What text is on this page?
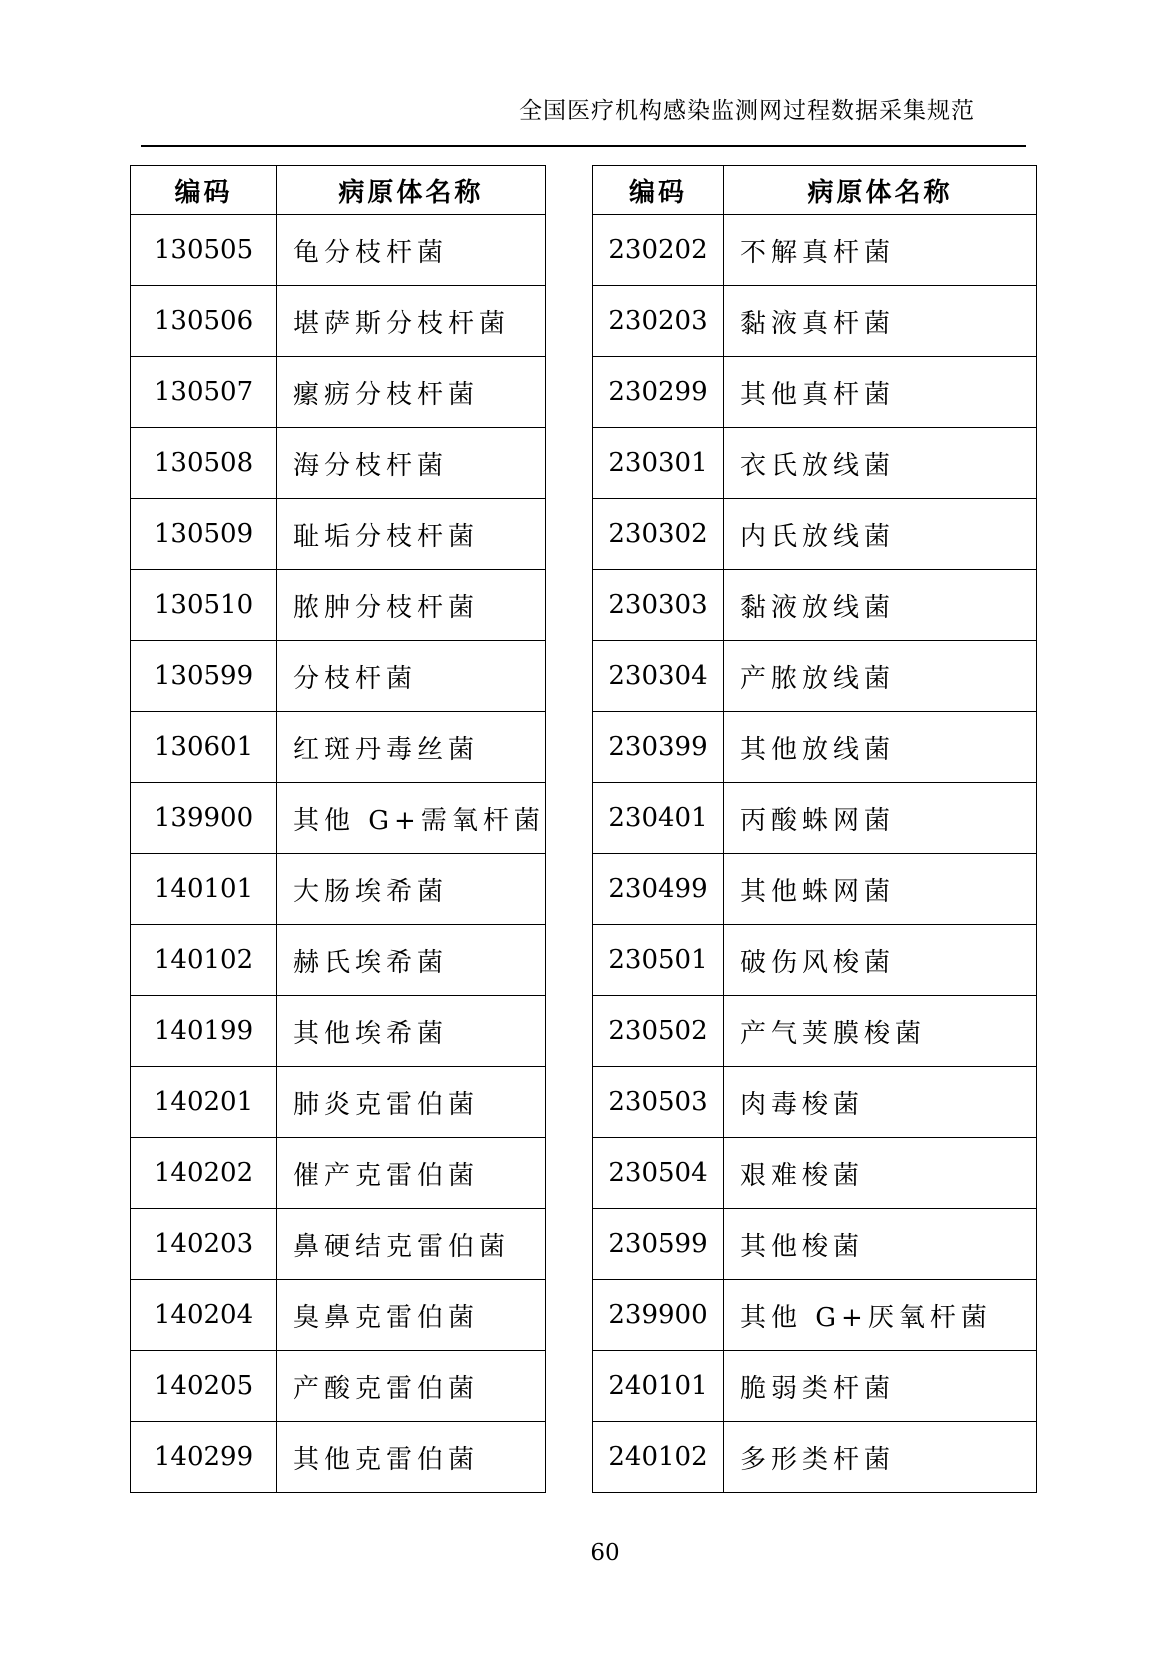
全国医疗机构感染监测网过程数据采集规范
编码	病原体名称
130505	龟分枝杆菌
130506	堪萨斯分枝杆菌
130507	瘰疬分枝杆菌
130508	海分枝杆菌
130509	耻垢分枝杆菌
130510	脓肿分枝杆菌
130599	分枝杆菌
130601	红斑丹毒丝菌
139900	其他 G+需氧杆菌
140101	大肠埃希菌
140102	赫氏埃希菌
140199	其他埃希菌
140201	肺炎克雷伯菌
140202	催产克雷伯菌
140203	鼻硬结克雷伯菌
140204	臭鼻克雷伯菌
140205	产酸克雷伯菌
140299	其他克雷伯菌
编码	病原体名称
230202	不解真杆菌
230203	黏液真杆菌
230299	其他真杆菌
230301	衣氏放线菌
230302	内氏放线菌
230303	黏液放线菌
230304	产脓放线菌
230399	其他放线菌
230401	丙酸蛛网菌
230499	其他蛛网菌
230501	破伤风梭菌
230502	产气荚膜梭菌
230503	肉毒梭菌
230504	艰难梭菌
230599	其他梭菌
239900	其他 G+厌氧杆菌
240101	脆弱类杆菌
240102	多形类杆菌
60
